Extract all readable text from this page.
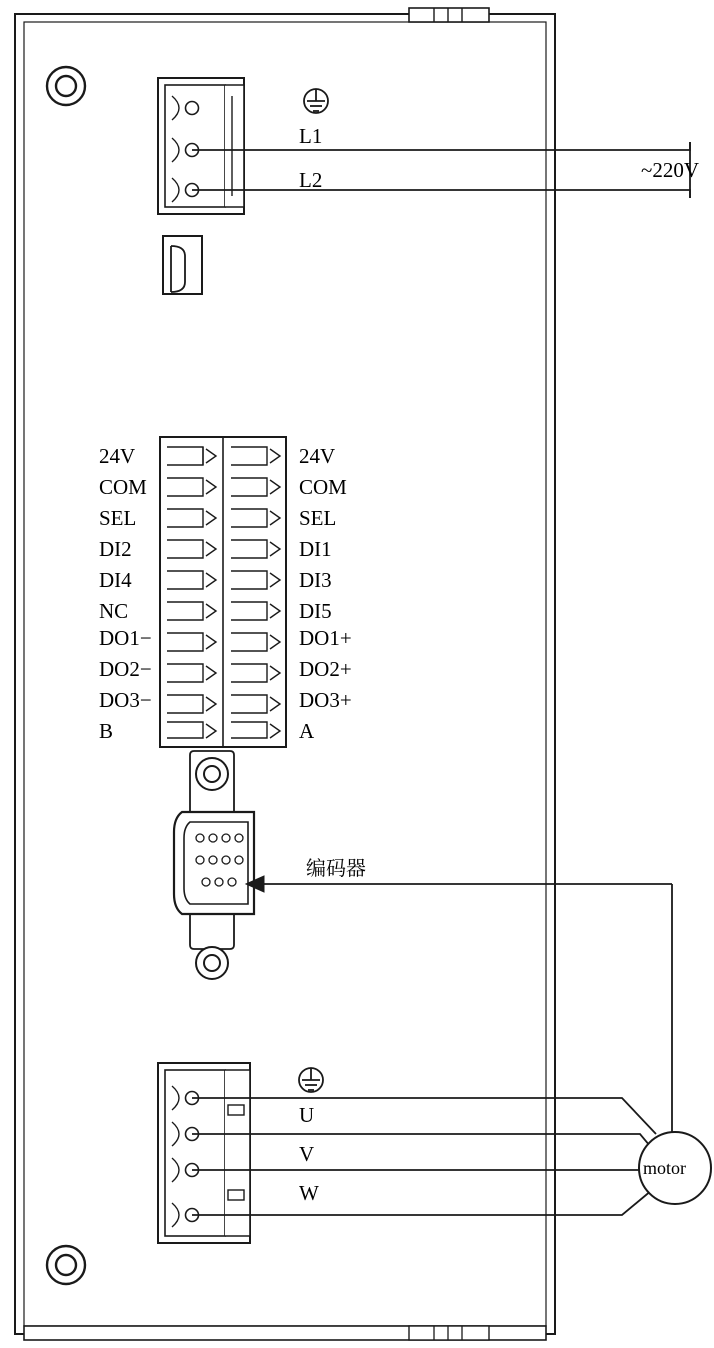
L1
L2	~220V
24V
COM
SEL
DI2
DI4
NC
DO1−
DO2−
DO3−
B
24V
COM
SEL
DI1
DI3
DI5
DO1+
DO2+
DO3+
A
编码器
U
V
W
motor
